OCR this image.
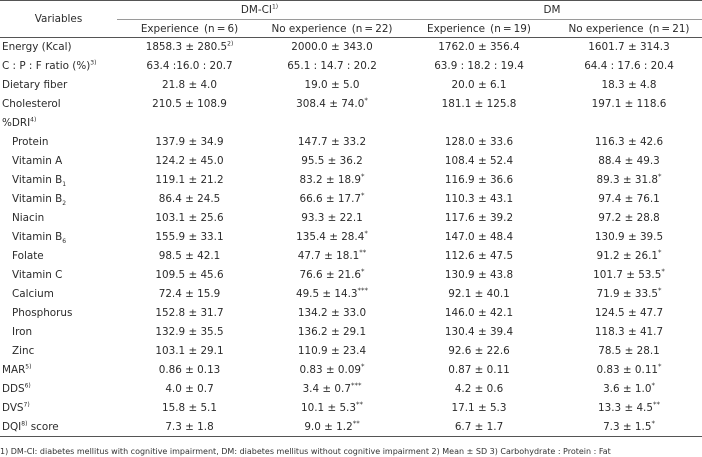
Variables	DM-CI$^{1)}$		DM	
	Experience (n = 6)	No experience (n = 22)	Experience (n = 19)	No experience (n = 21)
Energy (Kcal)	$1858.3 \pm 280.5^{2)}$	2000.0 ± 343.0	1762.0 ± 356.4	1601.7 ± 314.3
C : P : F ratio (%)$^{3)}$	63.4 :16.0 : 20.7	65.1 : 14.7 : 20.2	63.9 : 18.2 : 19.4	64.4 : 17.6 : 20.4
Dietary fiber	21.8 ± 4.0	19.0 ± 5.0	20.0 ± 6.1	18.3 ± 4.8
Cholesterol	210.5 ± 108.9	308.4 ± 74.0*	181.1 ± 125.8	197.1 ± 118.6
%DRI$^{4)}$				
Protein	137.9 ± 34.9	147.7 ± 33.2	128.0 ± 33.6	116.3 ± 42.6
Vitamin A	124.2 ± 45.0	95.5 ± 36.2	108.4 ± 52.4	88.4 ± 49.3
Vitamin $B_1$	119.1 ± 21.2	83.2 ± 18.9*	116.9 ± 36.6	89.3 ± 31.8*
Vitamin $B_2$	86.4 ± 24.5	66.6 ± 17.7*	110.3 ± 43.1	97.4 ± 76.1
Niacin	103.1 ± 25.6	93.3 ± 22.1	117.6 ± 39.2	97.2 ± 28.8
Vitamin $B_6$	155.9 ± 33.1	135.4 ± 28.4*	147.0 ± 48.4	130.9 ± 39.5
Folate	98.5 ± 42.1	47.7 ± 18.1**	112.6 ± 47.5	91.2 ± 26.1*
Vitamin C	109.5 ± 45.6	76.6 ± 21.6*	130.9 ± 43.8	101.7 ± 53.5*
Calcium	72.4 ± 15.9	49.5 ± 14.3***	92.1 ± 40.1	71.9 ± 33.5*
Phosphorus	152.8 ± 31.7	134.2 ± 33.0	146.0 ± 42.1	124.5 ± 47.7
Iron	132.9 ± 35.5	136.2 ± 29.1	130.4 ± 39.4	118.3 ± 41.7
Zinc	103.1 ± 29.1	110.9 ± 23.4	92.6 ± 22.6	78.5 ± 28.1
MAR$^{5)}$	0.86 ± 0.13	0.83 ± 0.09*	0.87 ± 0.11	0.83 ± 0.11*
DDS$^{6)}$	4.0 ± 0.7	3.4 ± 0.7***	4.2 ± 0.6	3.6 ± 1.0*
DVS$^{7)}$	15.8 ± 5.1	10.1 ± 5.3**	17.1 ± 5.3	13.3 ± 4.5**
DQI$^{8)}$ score	7.3 ± 1.8	9.0 ± 1.2**	6.7 ± 1.7	7.3 ± 1.5*
1) DM-CI: diabetes mellitus with cognitive impairment, DM: diabetes mellitus without cognitive impairment 2) Mean ± SD 3) Carbohydrate : Protein : Fat
